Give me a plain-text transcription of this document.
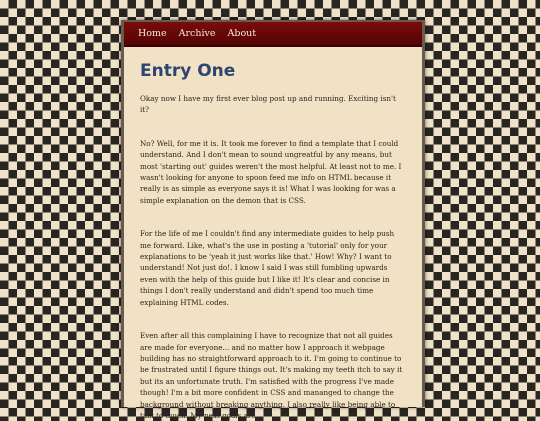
Home Archive About
Entry One

Okay now I have my first ever blog post up and running. Exciting isn't it?

No? Well, for me it is. It took me forever to find a template that I could understand. And I don't mean to sound ungreatful by any means, but most 'starting out' guides weren't the most helpful. At least not to me. I wasn't looking for anyone to spoon feed me info on HTML because it really is as simple as everyone says it is! What I was looking for was a simple explanation on the demon that is CSS.

For the life of me I couldn't find any intermediate guides to help push me forward. Like, what's the use in posting a 'tutorial' only for your explanations to be 'yeah it just works like that.' How! Why? I want to understand! Not just do!. I know I said I was still fumbling upwards even with the help of this guide but I like it! It's clear and concise in things I don't really understand and didn't spend too much time explaining HTML codes.

Even after all this complaining I have to recognize that not all guides are made for everyone... and no matter how I approach it webpage building has no straightforward approach to it. I'm going to continue to be frustrated until I figure things out. It's making my teeth itch to say it but its an unfortunate truth. I'm satisfied with the progress I've made though! I'm a bit more confident in CSS and mananged to change the background without breaking anything. I also really like being able to talk to much. My next goals are
